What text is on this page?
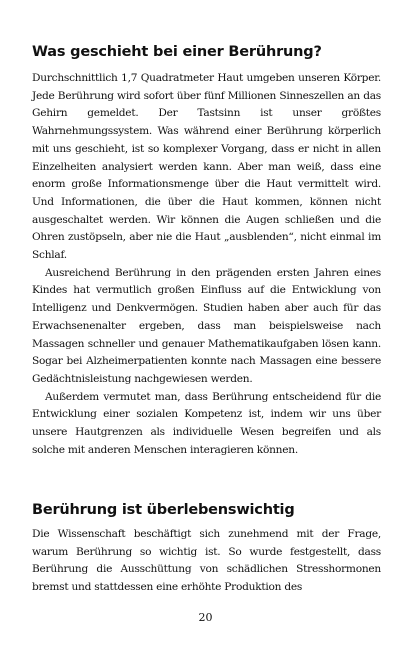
Was geschieht bei einer Berührung?

Durchschnittlich 1,7 Quadratmeter Haut umgeben unseren Körper. Jede Berührung wird sofort über fünf Millionen Sinneszellen an das Gehirn gemeldet. Der Tastsinn ist unser größtes Wahrnehmungssystem. Was während einer Berührung körperlich mit uns geschieht, ist so komplexer Vorgang, dass er nicht in allen Einzelheiten analysiert werden kann. Aber man weiß, dass eine enorm große Informationsmenge über die Haut vermittelt wird. Und Informationen, die über die Haut kommen, können nicht ausgeschaltet werden. Wir können die Augen schließen und die Ohren zustöpseln, aber nie die Haut „ausblenden“, nicht einmal im Schlaf.

Ausreichend Berührung in den prägenden ersten Jahren eines Kindes hat vermutlich großen Einfluss auf die Entwicklung von Intelligenz und Denkvermögen. Studien haben aber auch für das Erwachsenenalter ergeben, dass man beispielsweise nach Massagen schneller und genauer Mathematikaufgaben lösen kann. Sogar bei Alzheimerpatienten konnte nach Massagen eine bessere Gedächtnisleistung nachgewiesen werden.

Außerdem vermutet man, dass Berührung entscheidend für die Entwicklung einer sozialen Kompetenz ist, indem wir uns über unsere Hautgrenzen als individuelle Wesen begreifen und als solche mit anderen Menschen interagieren können.

Berührung ist überlebenswichtig

Die Wissenschaft beschäftigt sich zunehmend mit der Frage, warum Berührung so wichtig ist. So wurde festgestellt, dass Berührung die Ausschüttung von schädlichen Stresshormonen bremst und stattdessen eine erhöhte Produktion des

20
